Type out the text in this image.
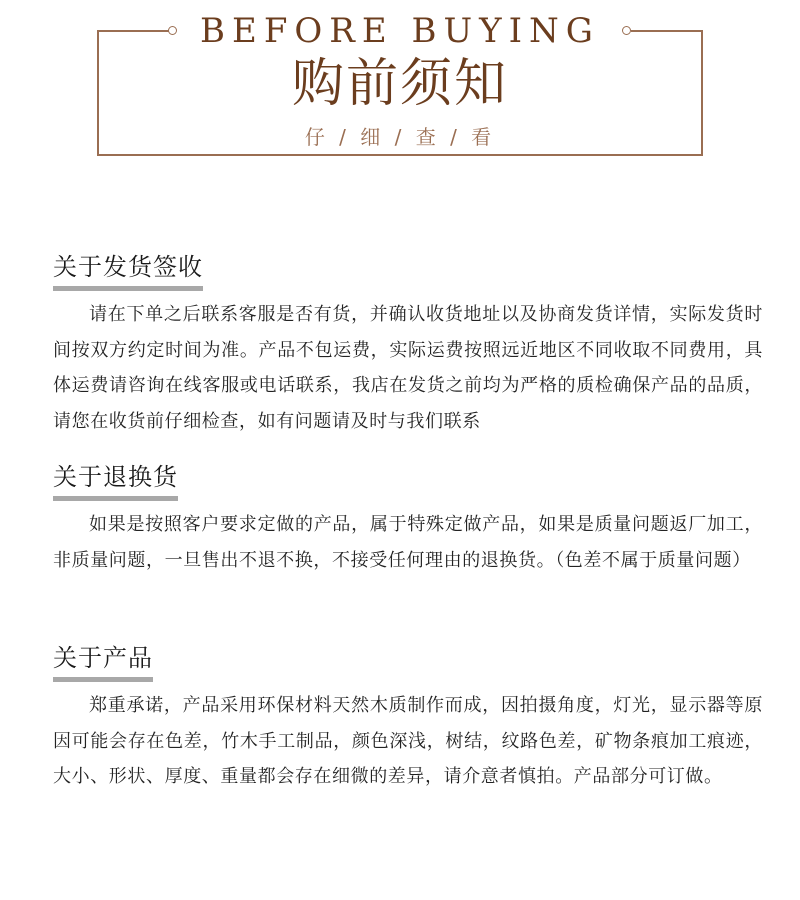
BEFORE BUYING
购前须知
仔 / 细 / 查 / 看
关于发货签收

请在下单之后联系客服是否有货，并确认收货地址以及协商发货详情，实际发货时间按双方约定时间为准。产品不包运费，实际运费按照远近地区不同收取不同费用，具体运费请咨询在线客服或电话联系，我店在发货之前均为严格的质检确保产品的品质，请您在收货前仔细检查，如有问题请及时与我们联系

关于退换货

如果是按照客户要求定做的产品，属于特殊定做产品，如果是质量问题返厂加工，非质量问题，一旦售出不退不换，不接受任何理由的退换货。（色差不属于质量问题）

关于产品

郑重承诺，产品采用环保材料天然木质制作而成，因拍摄角度，灯光，显示器等原因可能会存在色差，竹木手工制品，颜色深浅，树结，纹路色差，矿物条痕加工痕迹，大小、形状、厚度、重量都会存在细微的差异，请介意者慎拍。产品部分可订做。
